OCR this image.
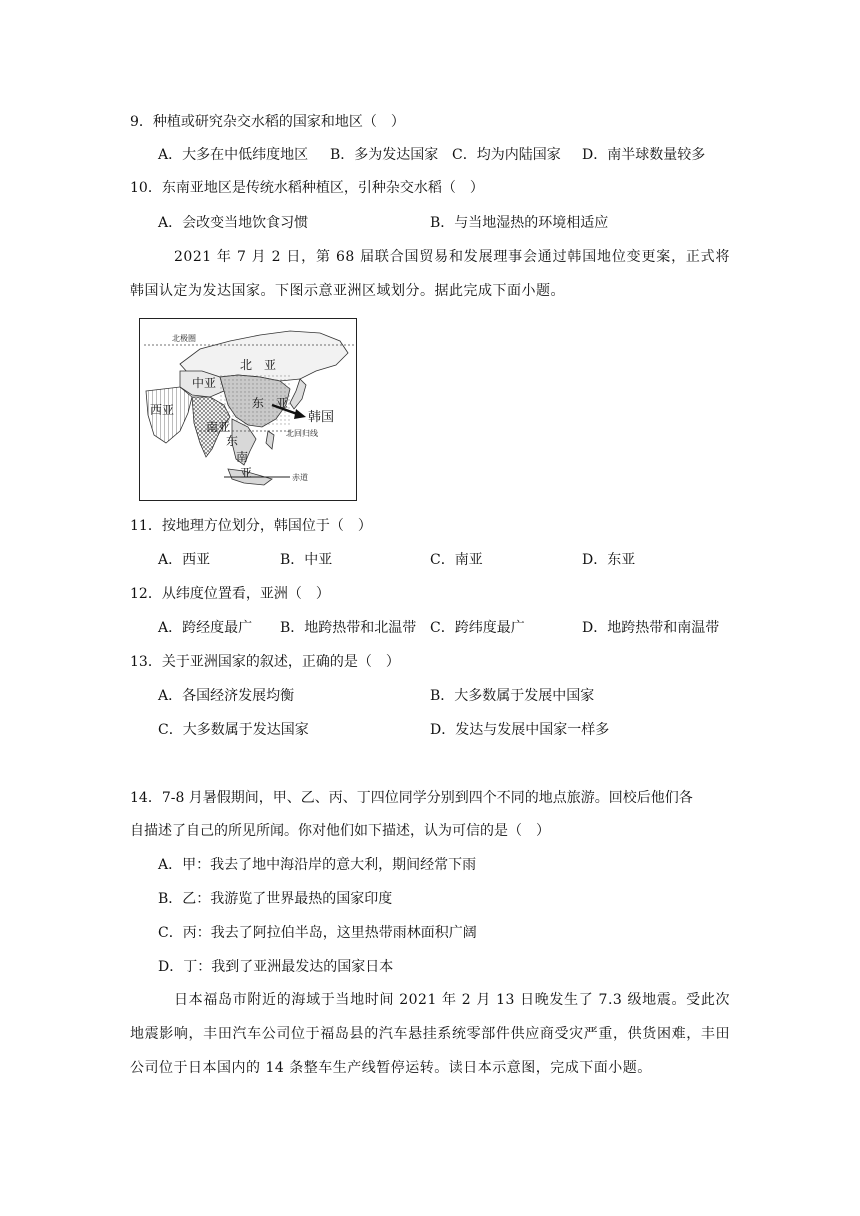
9．种植或研究杂交水稻的国家和地区（　）
A．大多在中低纬度地区 B．多为发达国家 C．均为内陆国家 D．南半球数量较多
10．东南亚地区是传统水稻种植区，引种杂交水稻（　）
A．会改变当地饮食习惯	B．与当地湿热的环境相适应
2021 年 7 月 2 日，第 68 届联合国贸易和发展理事会通过韩国地位变更案，正式将韩国认定为发达国家。下图示意亚洲区域划分。据此完成下面小题。
北极圈
北　亚
中亚
西亚	东　亚
韩国
南亚
东
南
亚
北回归线
赤道
11．按地理方位划分，韩国位于（　）
A．西亚	B．中亚	C．南亚	D．东亚
12．从纬度位置看，亚洲（　）
A．跨经度最广 B．地跨热带和北温带 C．跨纬度最广	D．地跨热带和南温带
13．关于亚洲国家的叙述，正确的是（　）
A．各国经济发展均衡	B．大多数属于发展中国家
C．大多数属于发达国家	D．发达与发展中国家一样多
14．7-8 月暑假期间，甲、乙、丙、丁四位同学分别到四个不同的地点旅游。回校后他们各
自描述了自己的所见所闻。你对他们如下描述，认为可信的是（　）
A．甲：我去了地中海沿岸的意大利，期间经常下雨
B．乙：我游览了世界最热的国家印度
C．丙：我去了阿拉伯半岛，这里热带雨林面积广阔
D．丁：我到了亚洲最发达的国家日本
日本福岛市附近的海域于当地时间 2021 年 2 月 13 日晚发生了 7.3 级地震。受此次地震影响，丰田汽车公司位于福岛县的汽车悬挂系统零部件供应商受灾严重，供货困难，丰田公司位于日本国内的 14 条整车生产线暂停运转。读日本示意图，完成下面小题。
